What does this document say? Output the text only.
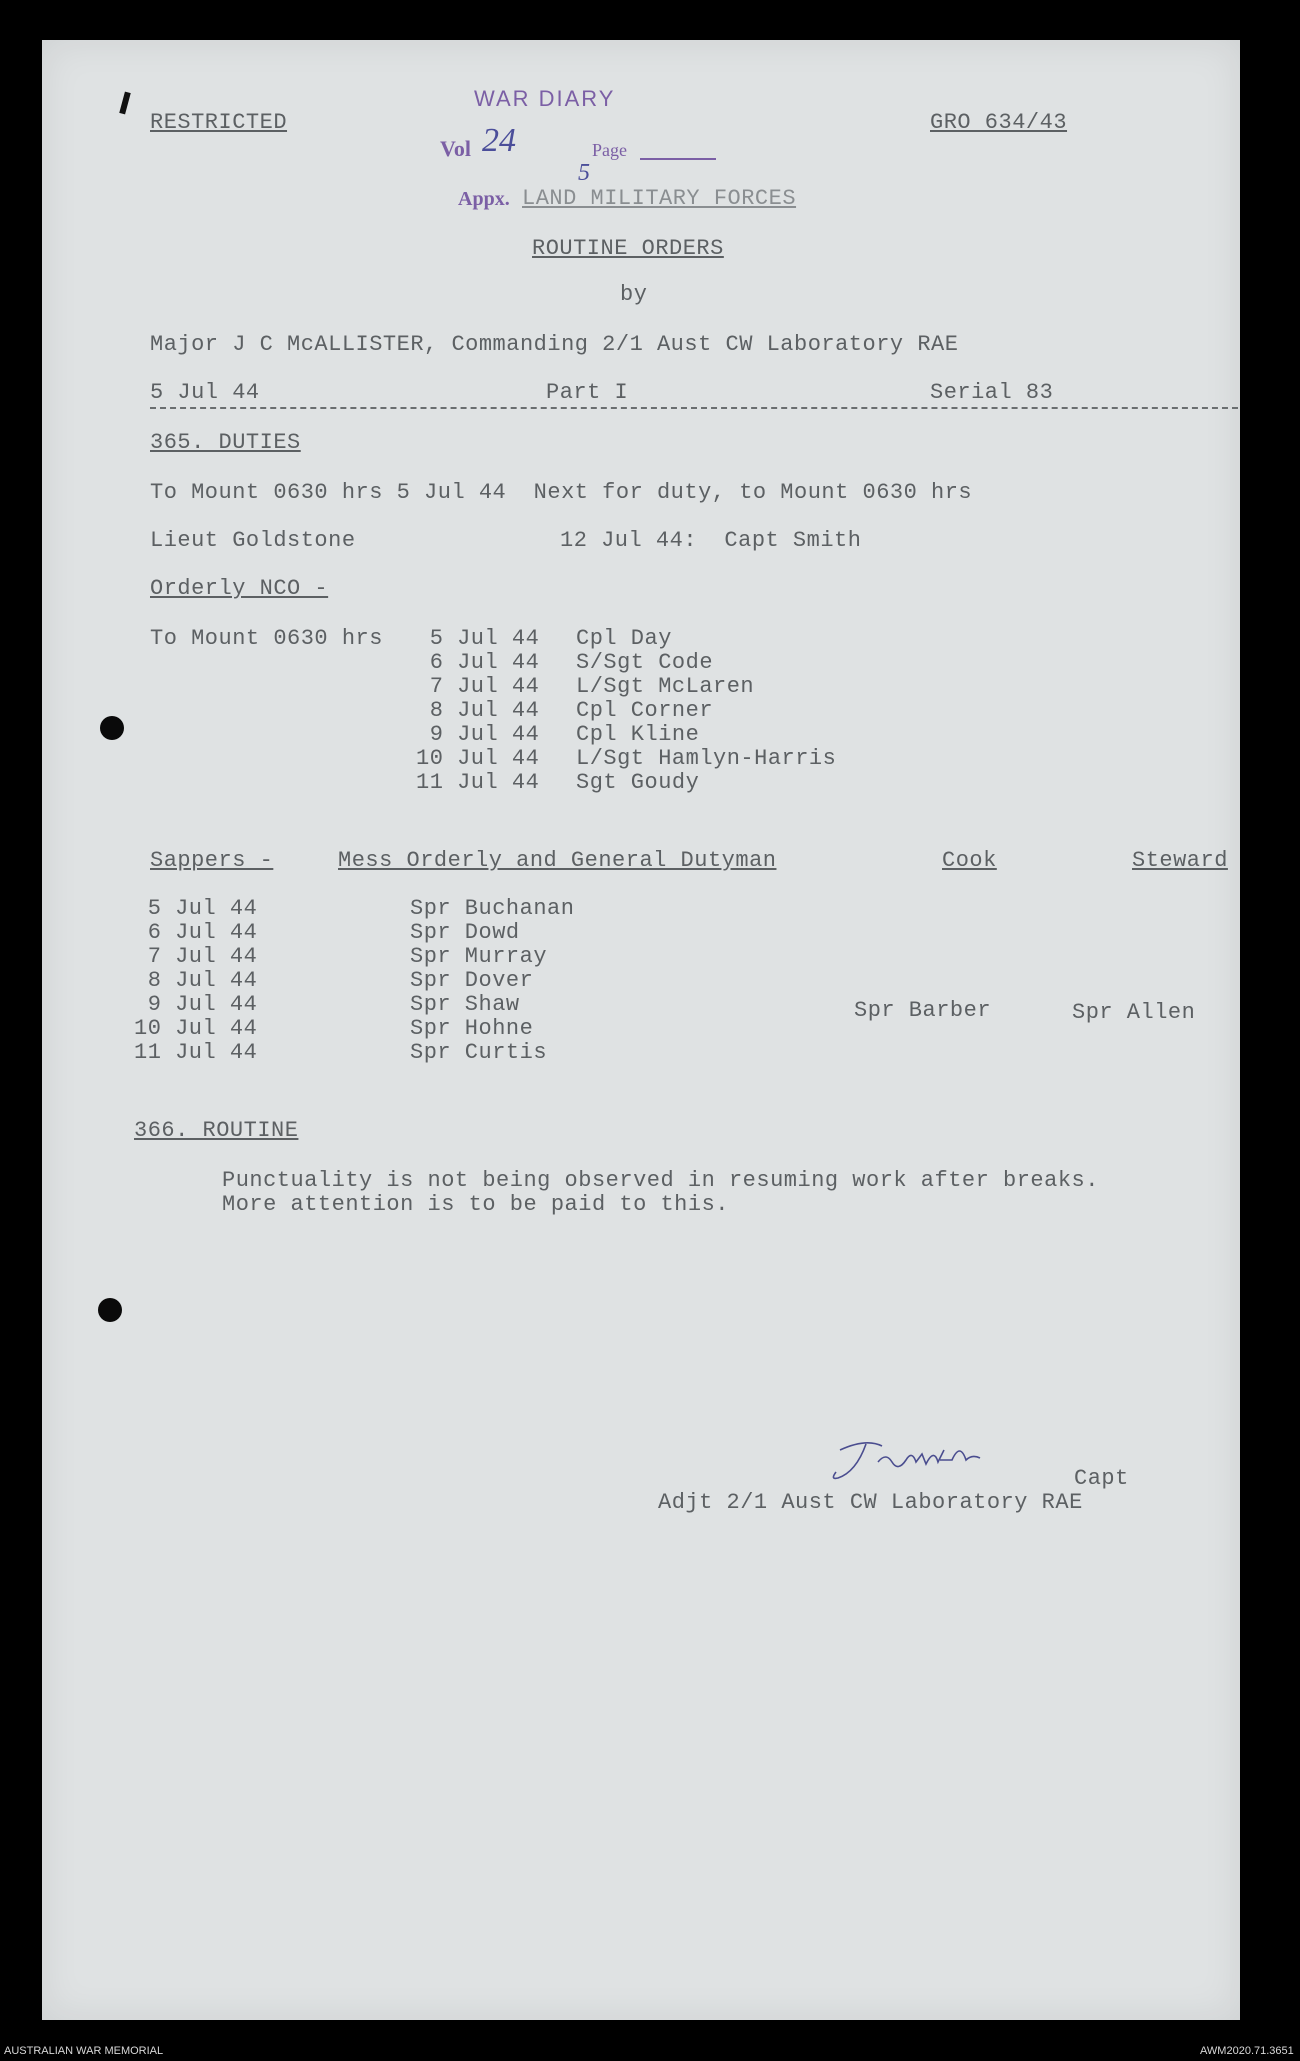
RESTRICTED	GRO 634/43
WAR DIARY
Vol 24	Page
5
Appx. LAND MILITARY FORCES
ROUTINE ORDERS
by
Major J C McALLISTER, Commanding 2/1 Aust CW Laboratory RAE
5 Jul 44	Part I	Serial 83
365. DUTIES
To Mount 0630 hrs 5 Jul 44  Next for duty, to Mount 0630 hrs
Lieut Goldstone	12 Jul 44:  Capt Smith
Orderly NCO -
To Mount 0630 hrs 5 Jul 44 Cpl Day
6 Jul 44 S/Sgt Code
7 Jul 44 L/Sgt McLaren
8 Jul 44 Cpl Corner
9 Jul 44 Cpl Kline
10 Jul 44 L/Sgt Hamlyn-Harris
11 Jul 44 Sgt Goudy
Sappers -	Mess Orderly and General Dutyman	Cook	Steward
5 Jul 44	Spr Buchanan
6 Jul 44	Spr Dowd
7 Jul 44	Spr Murray
8 Jul 44	Spr Dover
9 Jul 44	Spr Shaw
10 Jul 44	Spr Hohne
11 Jul 44	Spr Curtis
Spr Barber	Spr Allen
366. ROUTINE
Punctuality is not being observed in resuming work after breaks.
More attention is to be paid to this.
J Smith
Capt
Adjt 2/1 Aust CW Laboratory RAE
AUSTRALIAN WAR MEMORIAL	AWM2020.71.3651
